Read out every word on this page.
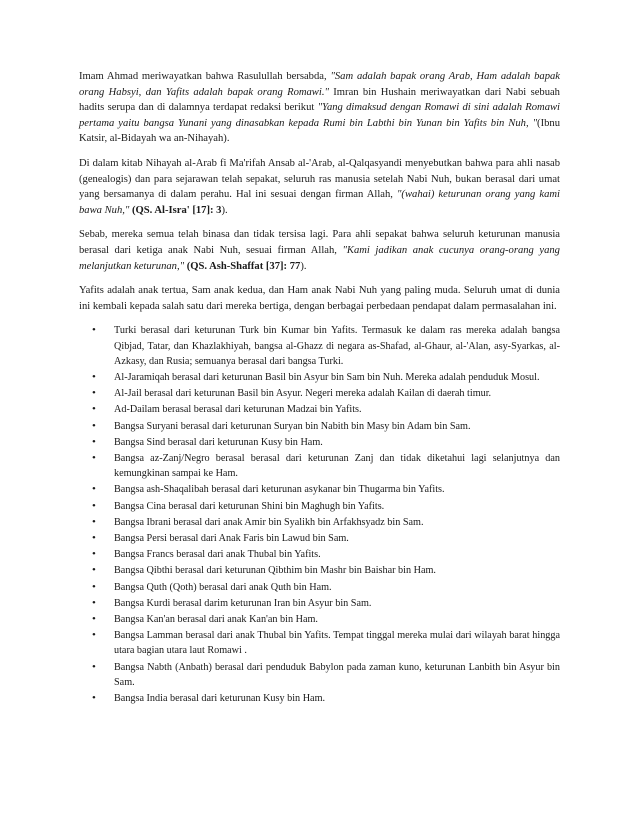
Imam Ahmad meriwayatkan bahwa Rasulullah bersabda, "Sam adalah bapak orang Arab, Ham adalah bapak orang Habsyi, dan Yafits adalah bapak orang Romawi." Imran bin Hushain meriwayatkan dari Nabi sebuah hadits serupa dan di dalamnya terdapat redaksi berikut "Yang dimaksud dengan Romawi di sini adalah Romawi pertama yaitu bangsa Yunani yang dinasabkan kepada Rumi bin Labthi bin Yunan bin Yafits bin Nuh, "(Ibnu Katsir, al-Bidayah wa an-Nihayah).

Di dalam kitab Nihayah al-Arab fi Ma'rifah Ansab al-'Arab, al-Qalqasyandi menyebutkan bahwa para ahli nasab (genealogis) dan para sejarawan telah sepakat, seluruh ras manusia setelah Nabi Nuh, bukan berasal dari umat yang bersamanya di dalam perahu. Hal ini sesuai dengan firman Allah, "(wahai) keturunan orang yang kami bawa Nuh," (QS. Al-Isra' [17]: 3).

Sebab, mereka semua telah binasa dan tidak tersisa lagi. Para ahli sepakat bahwa seluruh keturunan manusia berasal dari ketiga anak Nabi Nuh, sesuai firman Allah, "Kami jadikan anak cucunya orang-orang yang melanjutkan keturunan," (QS. Ash-Shaffat [37]: 77).

Yafits adalah anak tertua, Sam anak kedua, dan Ham anak Nabi Nuh yang paling muda. Seluruh umat di dunia ini kembali kepada salah satu dari mereka bertiga, dengan berbagai perbedaan pendapat dalam permasalahan ini.

• Turki berasal dari keturunan Turk bin Kumar bin Yafits. Termasuk ke dalam ras mereka adalah bangsa Qibjad, Tatar, dan Khazlakhiyah, bangsa al-Ghazz di negara as-Shafad, al-Ghaur, al-'Alan, asy-Syarkas, al-Azkasy, dan Rusia; semuanya berasal dari bangsa Turki.
• Al-Jaramiqah berasal dari keturunan Basil bin Asyur bin Sam bin Nuh. Mereka adalah penduduk Mosul.
• Al-Jail berasal dari keturunan Basil bin Asyur. Negeri mereka adalah Kailan di daerah timur.
• Ad-Dailam berasal berasal dari keturunan Madzai bin Yafits.
• Bangsa Suryani berasal dari keturunan Suryan bin Nabith bin Masy bin Adam bin Sam.
• Bangsa Sind berasal dari keturunan Kusy bin Ham.
• Bangsa az-Zanj/Negro berasal berasal dari keturunan Zanj dan tidak diketahui lagi selanjutnya dan kemungkinan sampai ke Ham.
• Bangsa ash-Shaqalibah berasal dari keturunan asykanar bin Thugarma bin Yafits.
• Bangsa Cina berasal dari keturunan Shini bin Maghugh bin Yafits.
• Bangsa Ibrani berasal dari anak Amir bin Syalikh bin Arfakhsyadz bin Sam.
• Bangsa Persi berasal dari Anak Faris bin Lawud bin Sam.
• Bangsa Francs berasal dari anak Thubal bin Yafits.
• Bangsa Qibthi berasal dari keturunan Qibthim bin Mashr bin Baishar bin Ham.
• Bangsa Quth (Qoth) berasal dari anak Quth bin Ham.
• Bangsa Kurdi berasal darim keturunan Iran bin Asyur bin Sam.
• Bangsa Kan'an berasal dari anak Kan'an bin Ham.
• Bangsa Lamman berasal dari anak Thubal bin Yafits. Tempat tinggal mereka mulai dari wilayah barat hingga utara bagian utara laut Romawi .
• Bangsa Nabth (Anbath) berasal dari penduduk Babylon pada zaman kuno, keturunan Lanbith bin Asyur bin Sam.
• Bangsa India berasal dari keturunan Kusy bin Ham.
